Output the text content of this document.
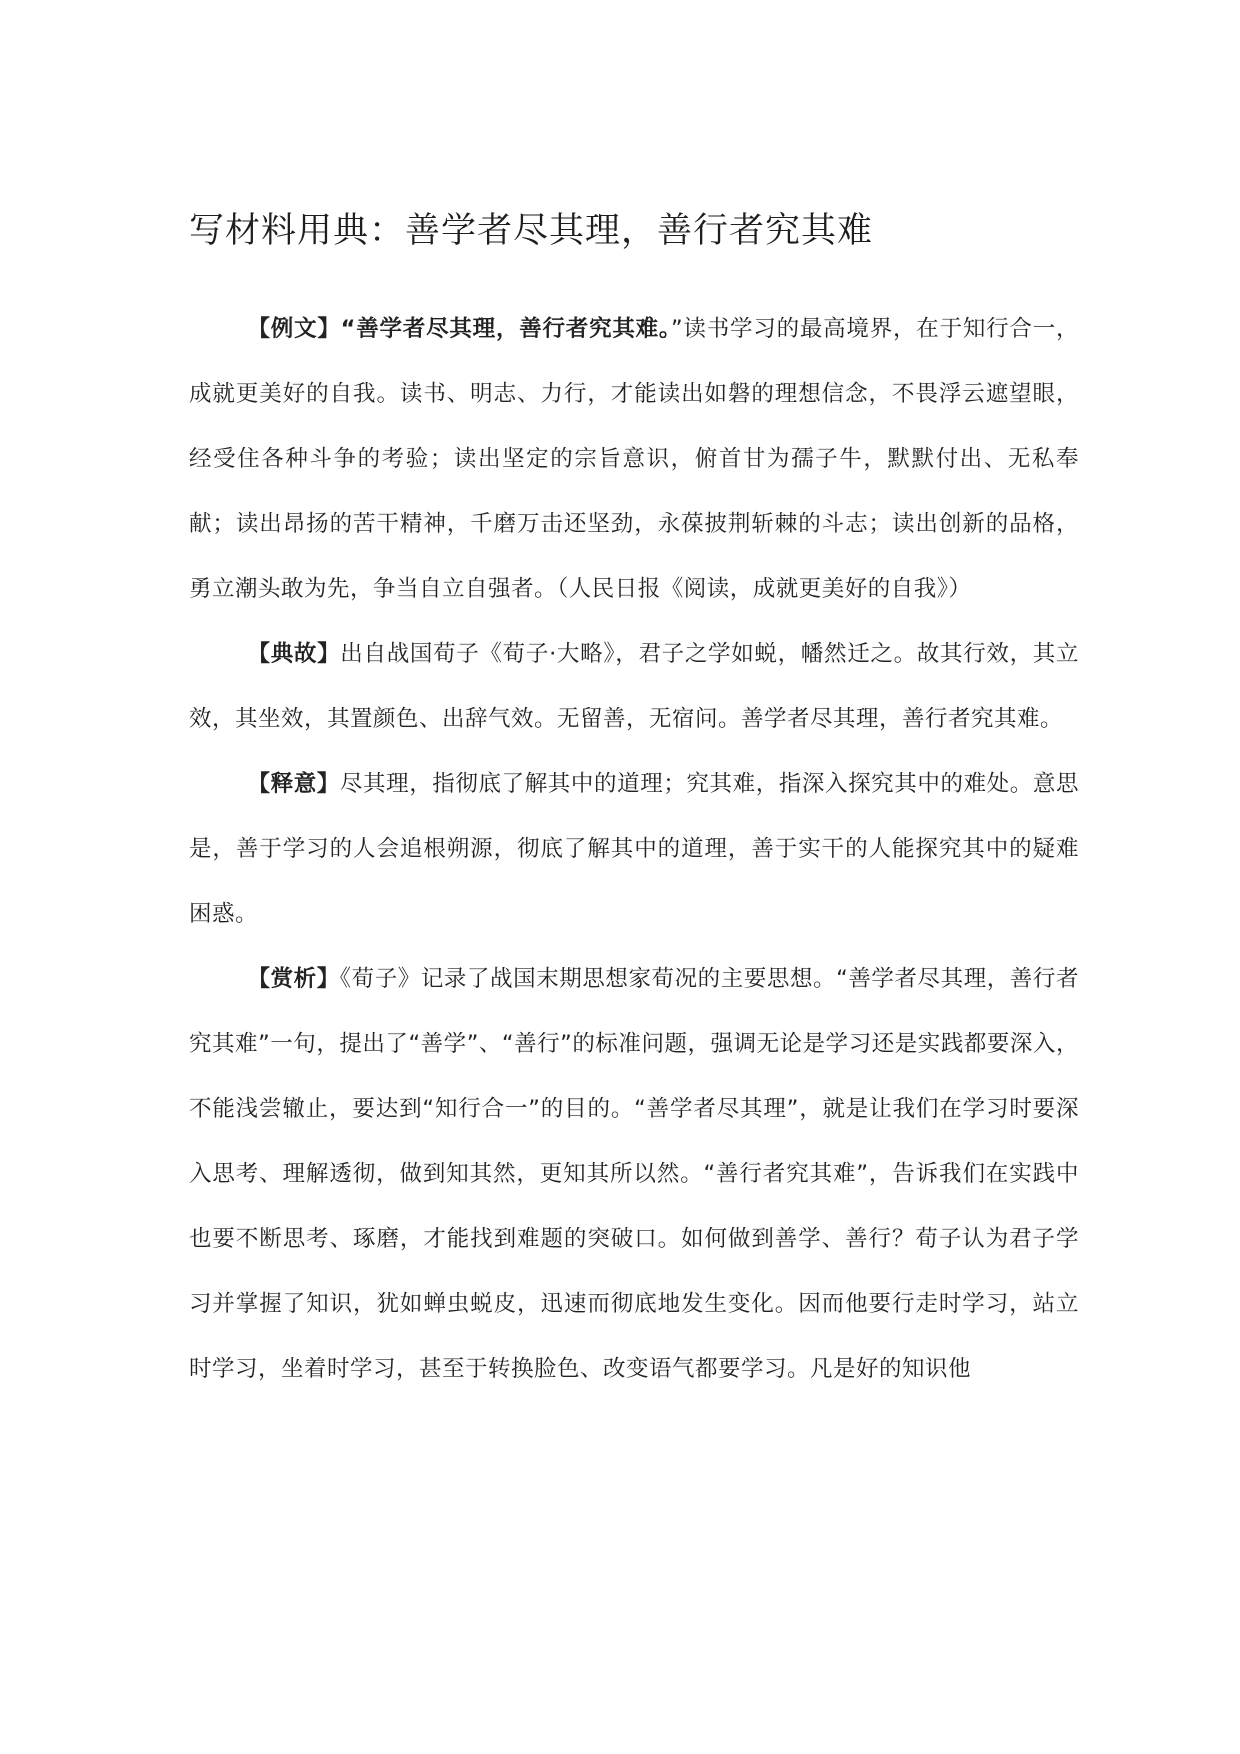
写材料用典：善学者尽其理，善行者究其难

【例文】“善学者尽其理，善行者究其难。”读书学习的最高境界，在于知行合一，成就更美好的自我。读书、明志、力行，才能读出如磐的理想信念，不畏浮云遮望眼，经受住各种斗争的考验；读出坚定的宗旨意识，俯首甘为孺子牛，默默付出、无私奉献；读出昂扬的苦干精神，千磨万击还坚劲，永葆披荆斩棘的斗志；读出创新的品格，勇立潮头敢为先，争当自立自强者。（人民日报《阅读，成就更美好的自我》）

【典故】出自战国荀子《荀子·大略》，君子之学如蜕，幡然迁之。故其行效，其立效，其坐效，其置颜色、出辞气效。无留善，无宿问。善学者尽其理，善行者究其难。

【释意】尽其理，指彻底了解其中的道理；究其难，指深入探究其中的难处。意思是，善于学习的人会追根朔源，彻底了解其中的道理，善于实干的人能探究其中的疑难困惑。

【赏析】《荀子》记录了战国末期思想家荀况的主要思想。“善学者尽其理，善行者究其难”一句，提出了“善学”、“善行”的标准问题，强调无论是学习还是实践都要深入，不能浅尝辙止，要达到“知行合一”的目的。“善学者尽其理”，就是让我们在学习时要深入思考、理解透彻，做到知其然，更知其所以然。“善行者究其难”，告诉我们在实践中也要不断思考、琢磨，才能找到难题的突破口。如何做到善学、善行？荀子认为君子学习并掌握了知识，犹如蝉虫蜕皮，迅速而彻底地发生变化。因而他要行走时学习，站立时学习，坐着时学习，甚至于转换脸色、改变语气都要学习。凡是好的知识他
